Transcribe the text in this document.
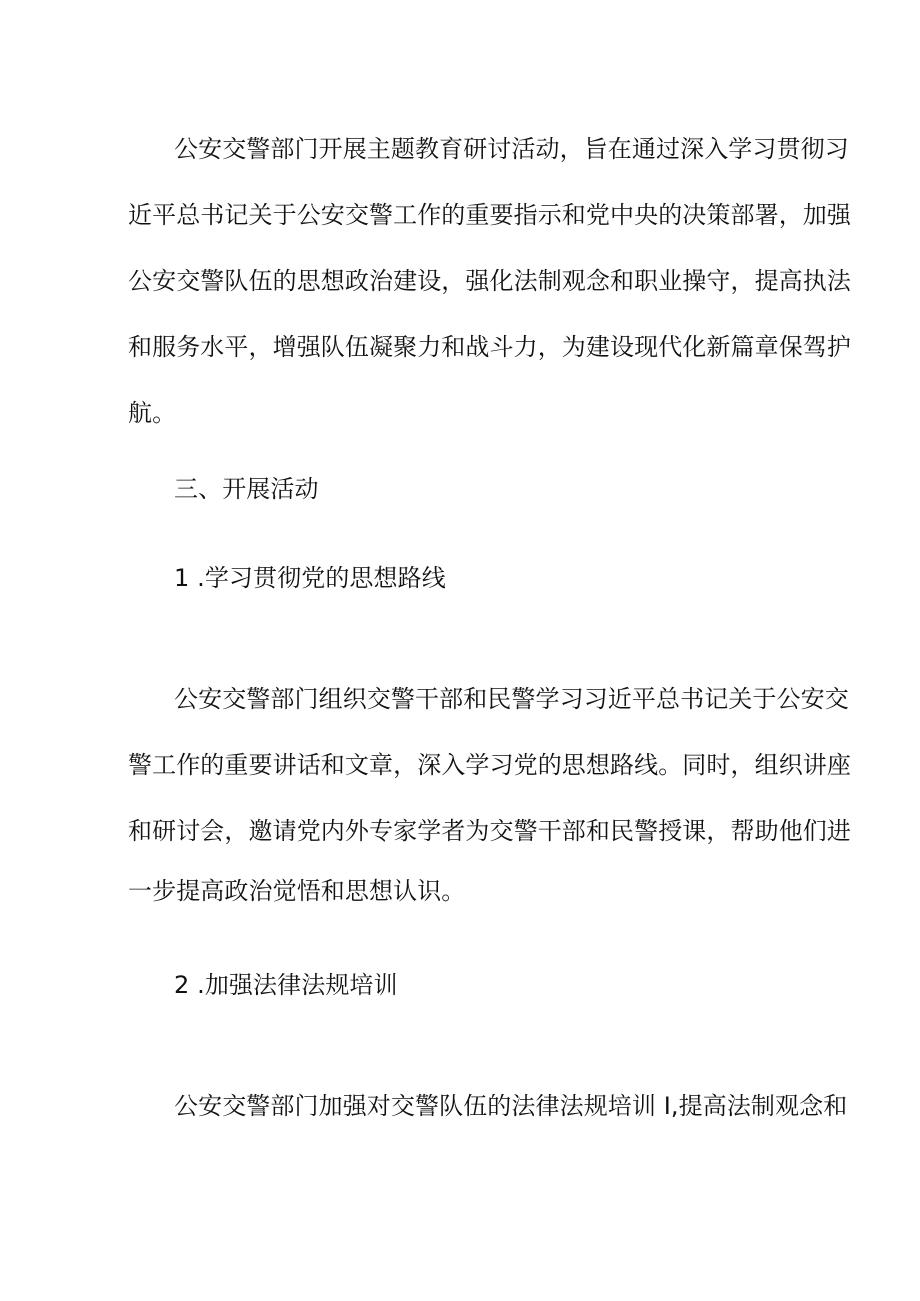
公安交警部门开展主题教育研讨活动，旨在通过深入学习贯彻习

近平总书记关于公安交警工作的重要指示和党中央的决策部署，加强

公安交警队伍的思想政治建设，强化法制观念和职业操守，提高执法

和服务水平，增强队伍凝聚力和战斗力，为建设现代化新篇章保驾护

航。

三、开展活动

1 .学习贯彻党的思想路线

公安交警部门组织交警干部和民警学习习近平总书记关于公安交

警工作的重要讲话和文章，深入学习党的思想路线。同时，组织讲座

和研讨会，邀请党内外专家学者为交警干部和民警授课，帮助他们进

一步提高政治觉悟和思想认识。

2 .加强法律法规培训

公安交警部门加强对交警队伍的法律法规培训 I,提高法制观念和
